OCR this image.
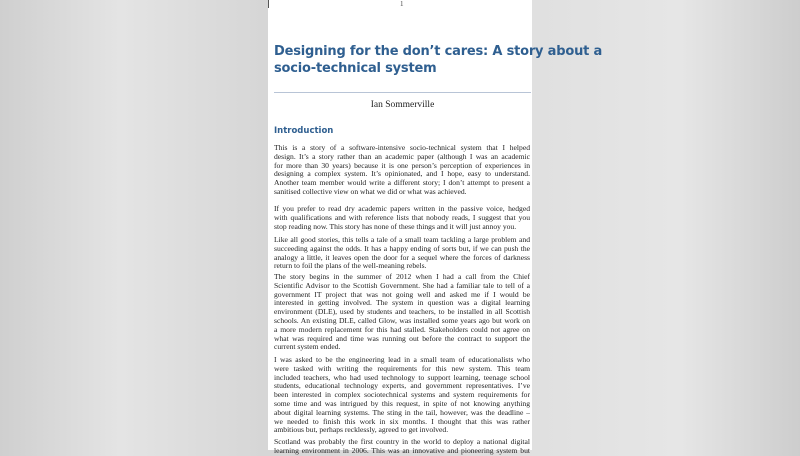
1
Designing for the don’t cares: A story about a
socio-technical system
Ian Sommerville
Introduction
This is a story of a software-intensive socio-technical system that I helped
design. It’s a story rather than an academic paper (although I was an academic
for more than 30 years) because it is one person’s perception of experiences in
designing a complex system. It’s opinionated, and I hope, easy to understand.
Another team member would write a different story; I don’t attempt to present a
sanitised collective view on what we did or what was achieved.
If you prefer to read dry academic papers written in the passive voice, hedged
with qualifications and with reference lists that nobody reads, I suggest that you
stop reading now. This story has none of these things and it will just annoy you.
Like all good stories, this tells a tale of a small team tackling a large problem and
succeeding against the odds. It has a happy ending of sorts but, if we can push the
analogy a little, it leaves open the door for a sequel where the forces of darkness
return to foil the plans of the well-meaning rebels.
The story begins in the summer of 2012 when I had a call from the Chief
Scientific Advisor to the Scottish Government. She had a familiar tale to tell of a
government IT project that was not going well and asked me if I would be
interested in getting involved. The system in question was a digital learning
environment (DLE), used by students and teachers, to be installed in all Scottish
schools. An existing DLE, called Glow, was installed some years ago but work on
a more modern replacement for this had stalled. Stakeholders could not agree on
what was required and time was running out before the contract to support the
current system ended.
I was asked to be the engineering lead in a small team of educationalists who
were tasked with writing the requirements for this new system. This team
included teachers, who had used technology to support learning, teenage school
students, educational technology experts, and government representatives. I’ve
been interested in complex sociotechnical systems and system requirements for
some time and was intrigued by this request, in spite of not knowing anything
about digital learning systems. The sting in the tail, however, was the deadline –
we needed to finish this work in six months. I thought that this was rather
ambitious but, perhaps recklessly, agreed to get involved.
Scotland was probably the first country in the world to deploy a national digital
learning environment in 2006. This was an innovative and pioneering system but
